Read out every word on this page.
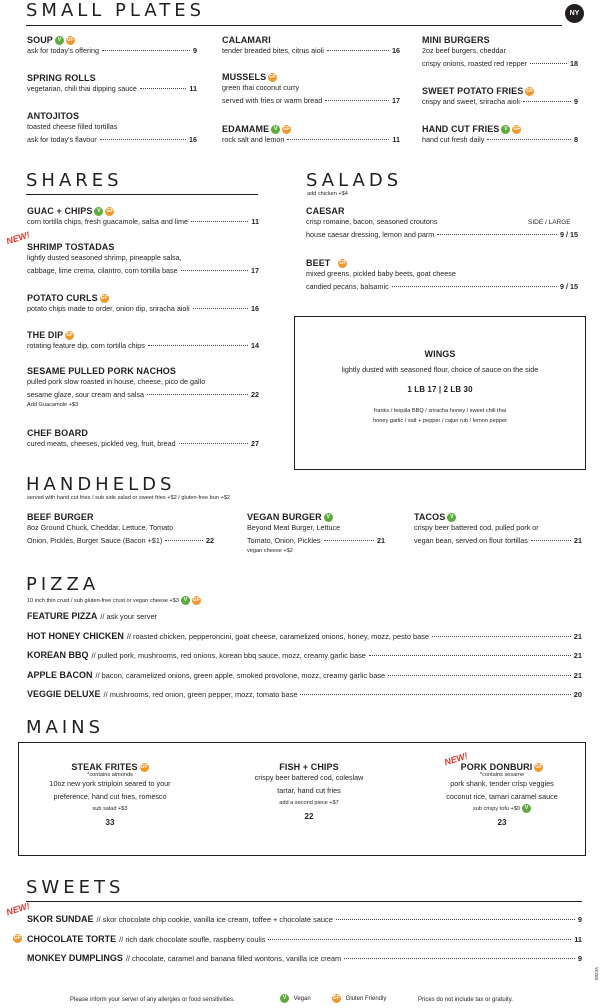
SMALL PLATES	NY
SOUP V GF
ask for today's offering	9
SPRING ROLLS
vegetarian, chili thai dipping sauce	11
ANTOJITOS
toasted cheese filled tortillas
ask for today's flavour	16
CALAMARI
tender breaded bites, citrus aioli	16
MUSSELS GF
green thai coconut curry
served with fries or warm bread	17
EDAMAME V GF
rock salt and lemon	11
MINI BURGERS
2oz beef burgers, cheddar
crispy onions, roasted red repper	18
SWEET POTATO FRIES GF
crispy and sweet, sriracha aioli	9
HAND CUT FRIES V GF
hand cut fresh daily	8
SHARES
GUAC + CHIPS V GF
corn tortilla chips, fresh guacamole, salsa and lime	11
NEW!
SHRIMP TOSTADAS
lightly dusted seasoned shrimp, pineapple salsa,
cabbage, lime crema, cilantro, corn tortilla base	17
POTATO CURLS GF
potato chips made to order, onion dip, sriracha aioli	16
THE DIP GF
rotating feature dip, corn tortilla chips	14
SESAME PULLED PORK NACHOS
pulled pork slow roasted in house, cheese, pico de gallo
sesame glaze, sour cream and salsa	22
Add Guacamole +$3
CHEF BOARD
cured meats, cheeses, pickled veg, fruit, bread	27
SALADS
add chicken +$4
SIDE / LARGE
CAESAR
crisp romaine, bacon, seasoned croutons
house caesar dressing, lemon and parm	9 / 15
BEET GF
mixed greens, pickled baby beets, goat cheese
candied pecans, balsamic	9 / 15
WINGS
lightly dusted with seasoned flour, choice of sauce on the side
1 LB 17 | 2 LB 30
franks / tequila BBQ / sriracha honey / sweet chili thai
honey garlic / salt + pepper / cajun rub / lemon pepper
HANDHELDS
served with hand cut fries / sub side salad or sweet fries +$2 / gluten-free bun +$2
BEEF BURGER
8oz Ground Chuck, Cheddar, Lettuce, Tomato
Onion, Pickles, Burger Sauce (Bacon +$1)	22
VEGAN BURGER V
Beyond Meat Burger, Lettuce
Tomato, Onion, Pickles	21
vegan cheese +$2
TACOS V
crispy beer battered cod, pulled pork or
vegan bean, served on flour tortillas	21
PIZZA
10 inch thin crust / sub gluten-free crust or vegan cheese +$3 V GF
FEATURE PIZZA // ask your server
HOT HONEY CHICKEN // roasted chicken, pepperoncini, goat cheese, caramelized onions, honey, mozz, pesto base	21
KOREAN BBQ // pulled pork, mushrooms, red onions, korean bbq sauce, mozz, creamy garlic base	21
APPLE BACON // bacon, caramelized onions, green apple, smoked provolone, mozz, creamy garlic base	21
VEGGIE DELUXE // mushrooms, red onion, green pepper, mozz, tomato base	20
MAINS
STEAK FRITES GF
*contains almonds
10oz new york striploin seared to your
preference, hand cut fries, romesco
sub salad +$3
33
FISH + CHIPS
crispy beer battered cod, coleslaw
tartar, hand cut fries
add a second piece +$7
22
NEW!
PORK DONBURI GF
*contains sesame
pork shank, tender crisp veggies
coconut rice, tamari caramel sauce
sub crispy tofu +$0 V
23
SWEETS
NEW!
GF
SKOR SUNDAE // skor chocolate chip cookie, vanilla ice cream, toffee + chocolate sauce	9
CHOCOLATE TORTE // rich dark chocolate soufle, raspberry coulis	11
MONKEY DUMPLINGS // chocolate, caramel and banana filled wontons, vanilla ice cream	9
Please inform your server of any allergies or food sensitivities.	V Vegan	GF Gluten Friendly	Prices do not include tax or gratuity.
0323A
